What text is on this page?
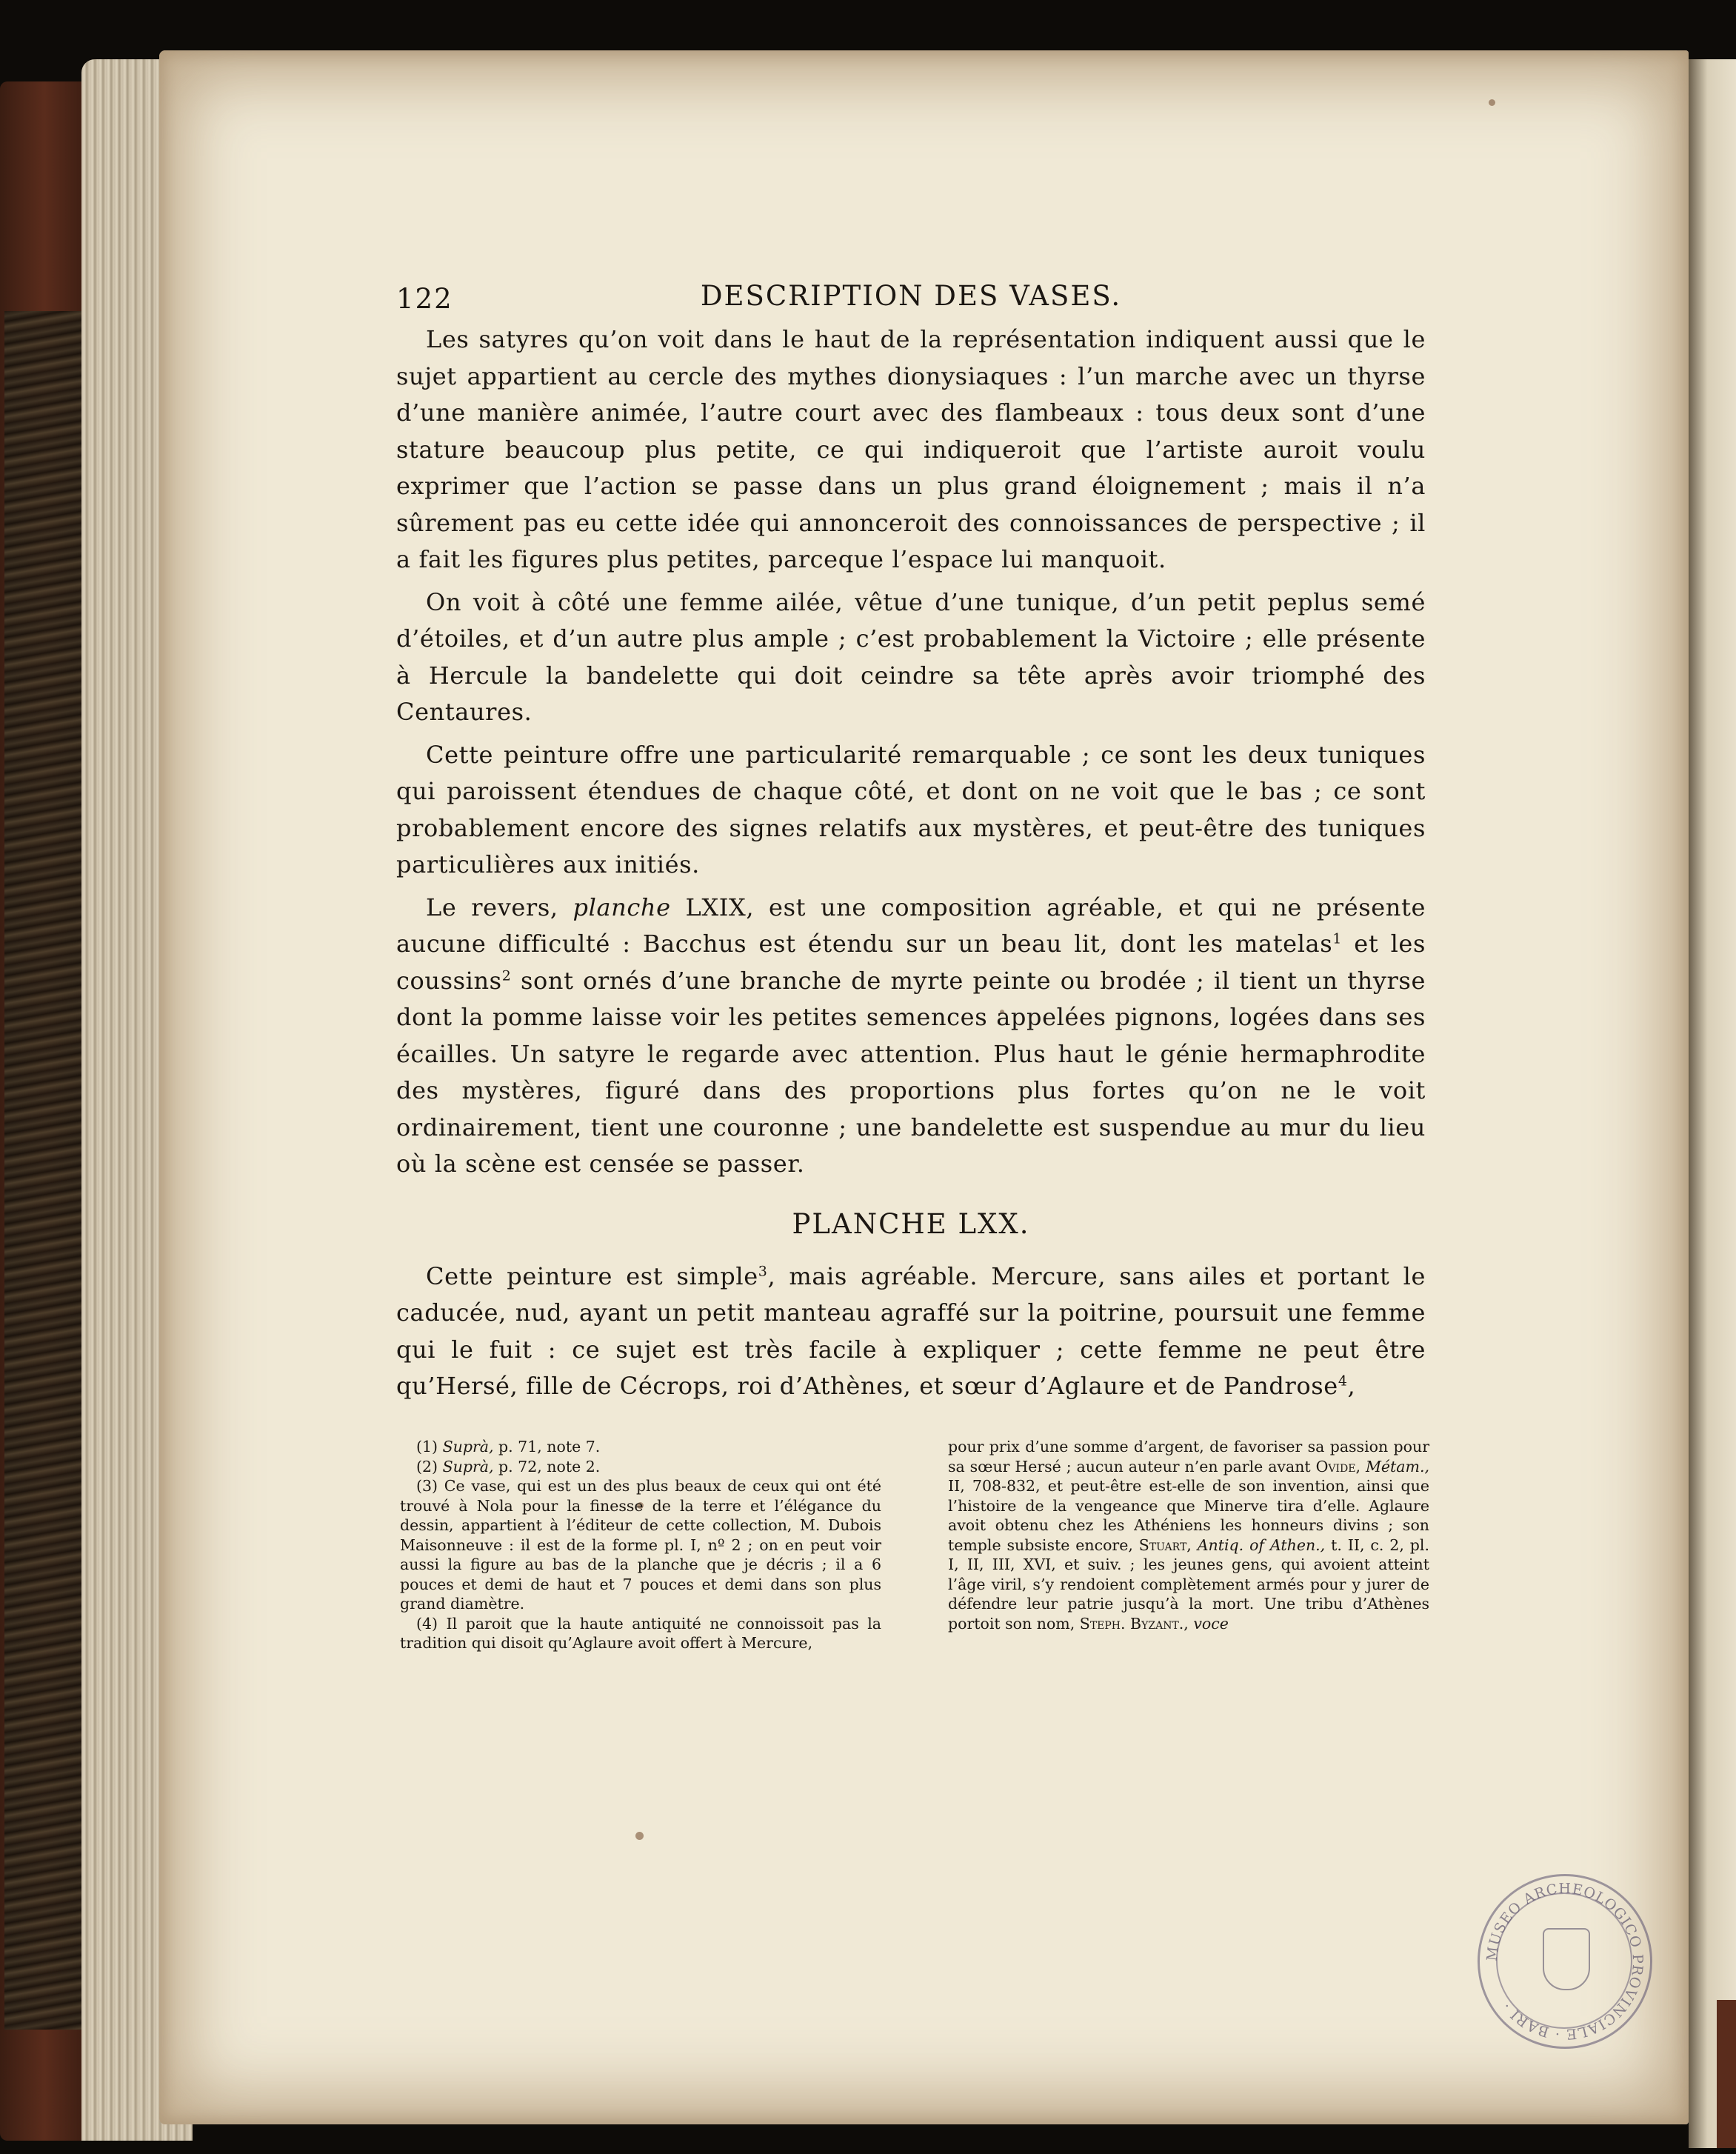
122	DESCRIPTION DES VASES.

Les satyres qu’on voit dans le haut de la représentation indiquent aussi que le sujet appartient au cercle des mythes dionysiaques : l’un marche avec un thyrse d’une manière animée, l’autre court avec des flambeaux : tous deux sont d’une stature beaucoup plus petite, ce qui indiqueroit que l’artiste auroit voulu exprimer que l’action se passe dans un plus grand éloignement ; mais il n’a sûrement pas eu cette idée qui annonceroit des connoissances de perspective ; il a fait les figures plus petites, parceque l’espace lui manquoit.

On voit à côté une femme ailée, vêtue d’une tunique, d’un petit peplus semé d’étoiles, et d’un autre plus ample ; c’est probablement la Victoire ; elle présente à Hercule la bandelette qui doit ceindre sa tête après avoir triomphé des Centaures.

Cette peinture offre une particularité remarquable ; ce sont les deux tuniques qui paroissent étendues de chaque côté, et dont on ne voit que le bas ; ce sont probablement encore des signes relatifs aux mystères, et peut-être des tuniques particulières aux initiés.

Le revers, planche LXIX, est une composition agréable, et qui ne présente aucune difficulté : Bacchus est étendu sur un beau lit, dont les matelas$^1$ et les coussins$^2$ sont ornés d’une branche de myrte peinte ou brodée ; il tient un thyrse dont la pomme laisse voir les petites semences appelées pignons, logées dans ses écailles. Un satyre le regarde avec attention. Plus haut le génie hermaphrodite des mystères, figuré dans des proportions plus fortes qu’on ne le voit ordinairement, tient une couronne ; une bandelette est suspendue au mur du lieu où la scène est censée se passer.

PLANCHE LXX.

Cette peinture est simple$^3$, mais agréable. Mercure, sans ailes et portant le caducée, nud, ayant un petit manteau agraffé sur la poitrine, poursuit une femme qui le fuit : ce sujet est très facile à expliquer ; cette femme ne peut être qu’Hersé, fille de Cécrops, roi d’Athènes, et sœur d’Aglaure et de Pandrose$^4$,

(1) Suprà, p. 71, note 7.

(2) Suprà, p. 72, note 2.

(3) Ce vase, qui est un des plus beaux de ceux qui ont été trouvé à Nola pour la finesse de la terre et l’élégance du dessin, appartient à l’éditeur de cette collection, M. Dubois Maisonneuve : il est de la forme pl. I, nº 2 ; on en peut voir aussi la figure au bas de la planche que je décris ; il a 6 pouces et demi de haut et 7 pouces et demi dans son plus grand diamètre.

(4) Il paroit que la haute antiquité ne connoissoit pas la tradition qui disoit qu’Aglaure avoit offert à Mercure,

pour prix d’une somme d’argent, de favoriser sa passion pour sa sœur Hersé ; aucun auteur n’en parle avant Ovide, Métam., II, 708-832, et peut-être est-elle de son invention, ainsi que l’histoire de la vengeance que Minerve tira d’elle. Aglaure avoit obtenu chez les Athéniens les honneurs divins ; son temple subsiste encore, Stuart, Antiq. of Athen., t. II, c. 2, pl. I, II, III, XVI, et suiv. ; les jeunes gens, qui avoient atteint l’âge viril, s’y rendoient complètement armés pour y jurer de défendre leur patrie jusqu’à la mort. Une tribu d’Athènes portoit son nom, Steph. Byzant., voce

MUSEO ARCHEOLOGICO PROVINCIALE · BARI ·
